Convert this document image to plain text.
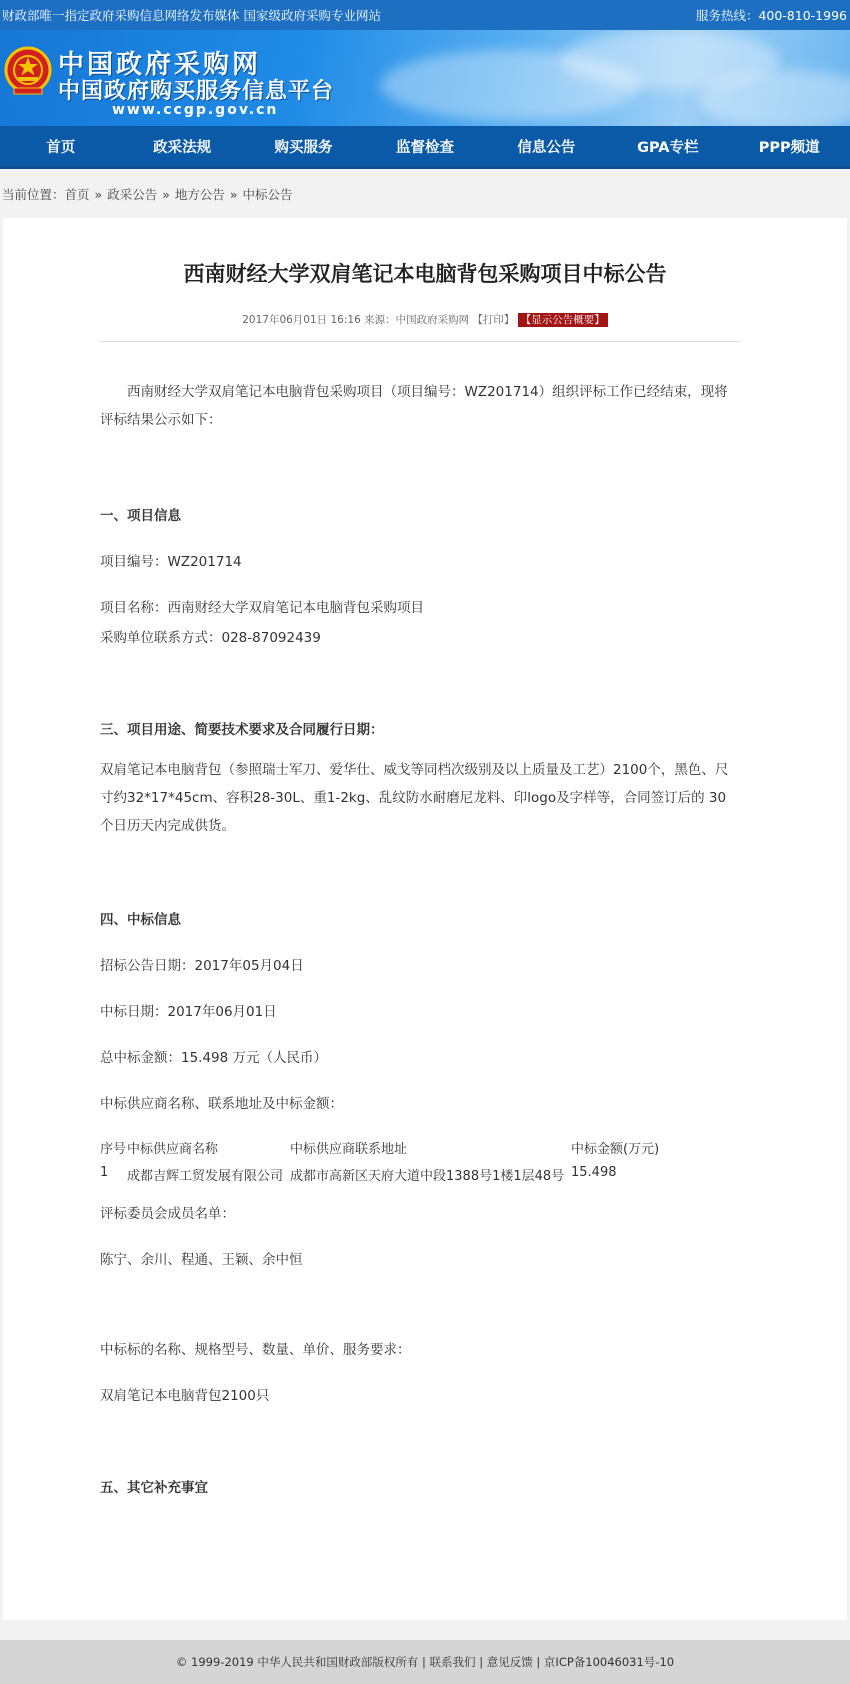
财政部唯一指定政府采购信息网络发布媒体 国家级政府采购专业网站	服务热线：400-810-1996
中国政府采购网
中国政府购买服务信息平台
www.ccgp.gov.cn
首页	政采法规	购买服务	监督检查	信息公告	GPA专栏	PPP频道
当前位置： 首页 » 政采公告 » 地方公告 » 中标公告
西南财经大学双肩笔记本电脑背包采购项目中标公告
2017年06月01日 16:16 来源：中国政府采购网 【打印】 【显示公告概要】
西南财经大学双肩笔记本电脑背包采购项目（项目编号：WZ201714）组织评标工作已经结束，现将评标结果公示如下：
一、项目信息
项目编号：WZ201714
项目名称：西南财经大学双肩笔记本电脑背包采购项目
采购单位联系方式：028-87092439
三、项目用途、简要技术要求及合同履行日期：
双肩笔记本电脑背包（参照瑞士军刀、爱华仕、威戈等同档次级别及以上质量及工艺）2100个，黑色、尺寸约32*17*45cm、容积28-30L、重1-2kg、乱纹防水耐磨尼龙料、印logo及字样等，合同签订后的 30个日历天内完成供货。
四、中标信息
招标公告日期：2017年05月04日
中标日期：2017年06月01日
总中标金额：15.498 万元（人民币）
中标供应商名称、联系地址及中标金额：
序号 中标供应商名称	中标供应商联系地址	中标金额(万元)
1 成都吉辉工贸发展有限公司 成都市高新区天府大道中段1388号1楼1层48号 15.498
评标委员会成员名单：
陈宁、余川、程通、王颖、余中恒
中标标的名称、规格型号、数量、单价、服务要求：
双肩笔记本电脑背包2100只
五、其它补充事宜
© 1999-2019 中华人民共和国财政部版权所有 | 联系我们 | 意见反馈 | 京ICP备10046031号-10
